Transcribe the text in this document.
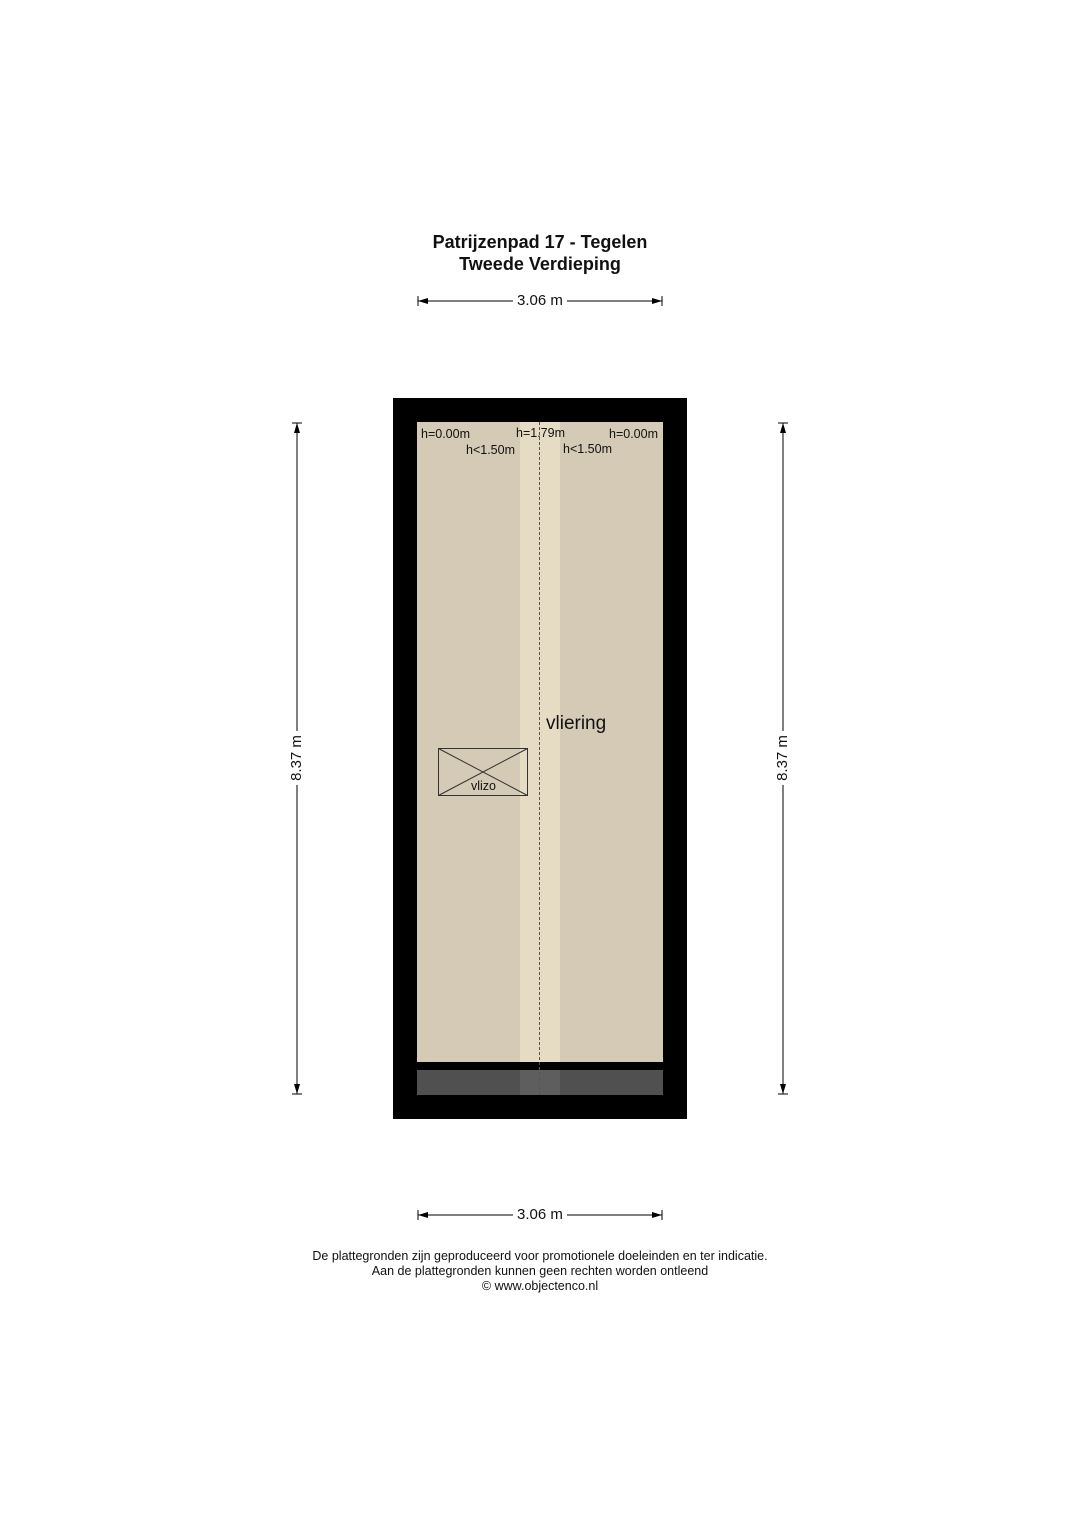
Patrijzenpad 17 - Tegelen
Tweede Verdieping
3.06 m
3.06 m
8.37 m	8.37 m
h=0.00m	h=1.79m	h=0.00m
h<1.50m	h<1.50m
vliering
vlizo
De plattegronden zijn geproduceerd voor promotionele doeleinden en ter indicatie.
Aan de plattegronden kunnen geen rechten worden ontleend
© www.objectenco.nl
